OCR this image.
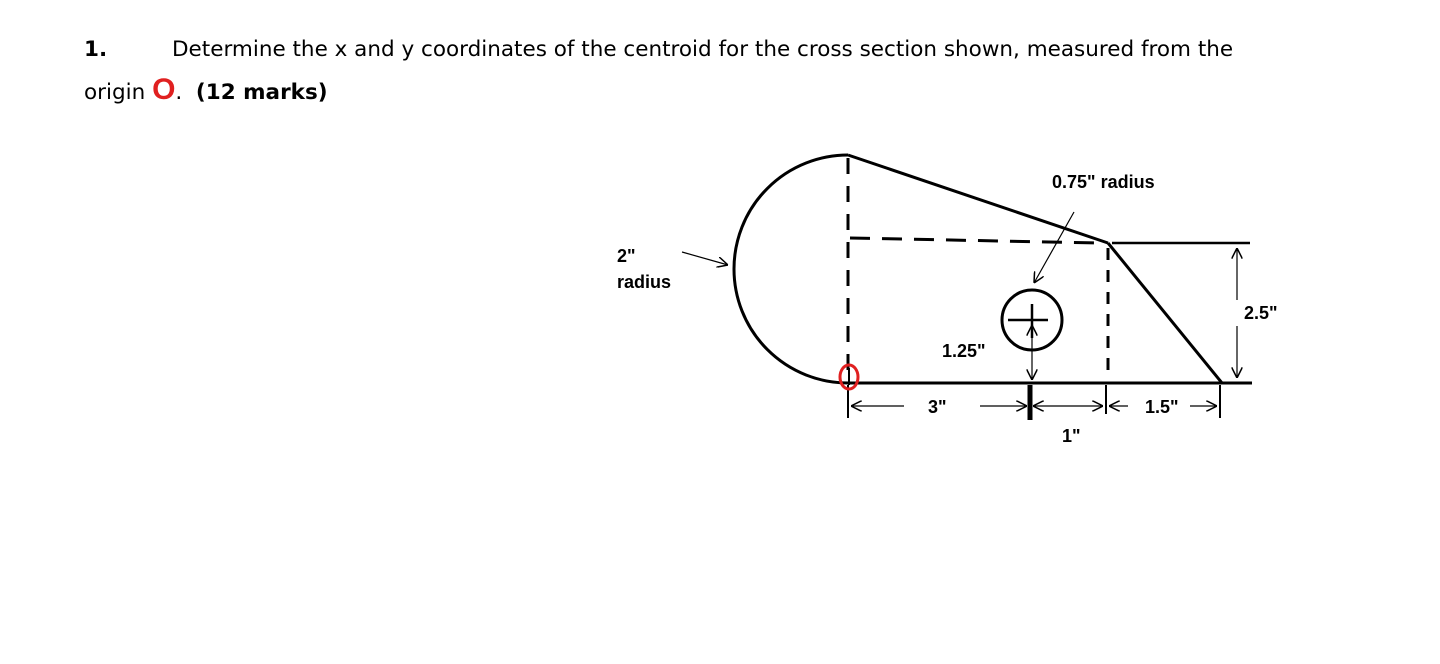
1.	Determine the x and y coordinates of the centroid for the cross section shown, measured from the
origin O. (12 marks)
0.75" radius
2"
radius
2.5"
1.25"
3"
1"
1.5"
